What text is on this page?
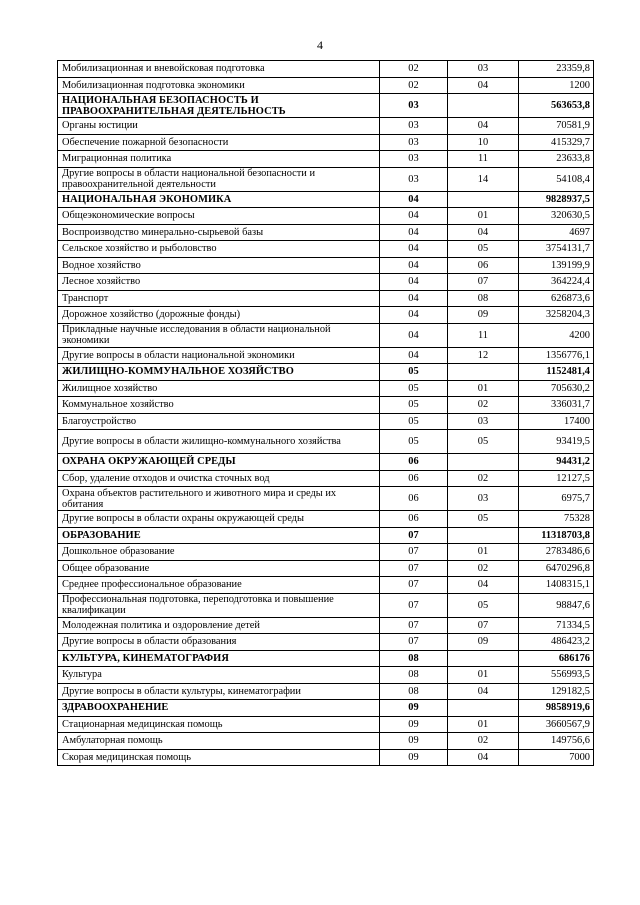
4
Мобилизационная и вневойсковая подготовка	02	03	23359,8
Мобилизационная подготовка экономики	02	04	1200
НАЦИОНАЛЬНАЯ БЕЗОПАСНОСТЬ И ПРАВООХРАНИТЕЛЬНАЯ ДЕЯТЕЛЬНОСТЬ	03		563653,8
Органы юстиции	03	04	70581,9
Обеспечение пожарной безопасности	03	10	415329,7
Миграционная политика	03	11	23633,8
Другие вопросы в области национальной безопасности и правоохранительной деятельности	03	14	54108,4
НАЦИОНАЛЬНАЯ ЭКОНОМИКА	04		9828937,5
Общеэкономические вопросы	04	01	320630,5
Воспроизводство минерально-сырьевой базы	04	04	4697
Сельское хозяйство и рыболовство	04	05	3754131,7
Водное хозяйство	04	06	139199,9
Лесное хозяйство	04	07	364224,4
Транспорт	04	08	626873,6
Дорожное хозяйство (дорожные фонды)	04	09	3258204,3
Прикладные научные исследования в области национальной экономики	04	11	4200
Другие вопросы в области национальной экономики	04	12	1356776,1
ЖИЛИЩНО-КОММУНАЛЬНОЕ ХОЗЯЙСТВО	05		1152481,4
Жилищное хозяйство	05	01	705630,2
Коммунальное хозяйство	05	02	336031,7
Благоустройство	05	03	17400
Другие вопросы в области жилищно-коммунального хозяйства	05	05	93419,5
ОХРАНА ОКРУЖАЮЩЕЙ СРЕДЫ	06		94431,2
Сбор, удаление отходов и очистка сточных вод	06	02	12127,5
Охрана объектов растительного и животного мира и среды их обитания	06	03	6975,7
Другие вопросы в области охраны окружающей среды	06	05	75328
ОБРАЗОВАНИЕ	07		11318703,8
Дошкольное образование	07	01	2783486,6
Общее образование	07	02	6470296,8
Среднее профессиональное образование	07	04	1408315,1
Профессиональная подготовка, переподготовка и повышение квалификации	07	05	98847,6
Молодежная политика и оздоровление детей	07	07	71334,5
Другие вопросы в области образования	07	09	486423,2
КУЛЬТУРА, КИНЕМАТОГРАФИЯ	08		686176
Культура	08	01	556993,5
Другие вопросы в области культуры, кинематографии	08	04	129182,5
ЗДРАВООХРАНЕНИЕ	09		9858919,6
Стационарная медицинская помощь	09	01	3660567,9
Амбулаторная помощь	09	02	149756,6
Скорая медицинская помощь	09	04	7000
